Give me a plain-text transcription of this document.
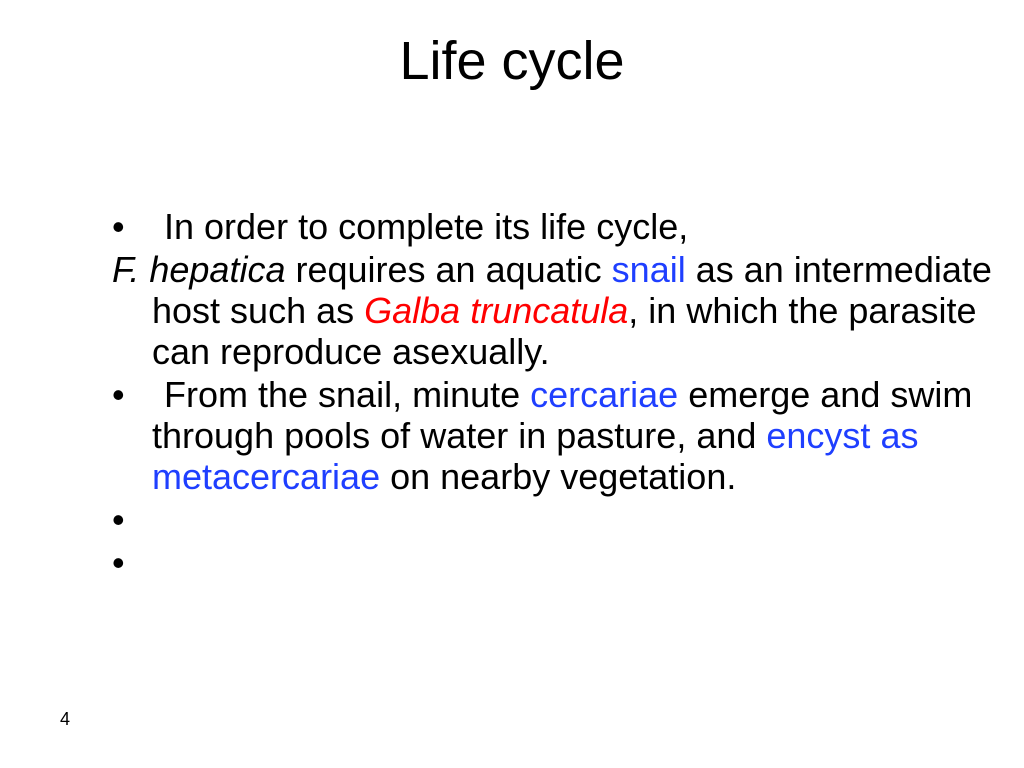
Life cycle

•	In order to complete its life cycle,

F. hepatica requires an aquatic snail as an intermediate host such as Galba truncatula, in which the parasite can reproduce asexually.

•	From the snail, minute cercariae emerge and swim through pools of water in pasture, and encyst as metacercariae on nearby vegetation.

•

•

4
